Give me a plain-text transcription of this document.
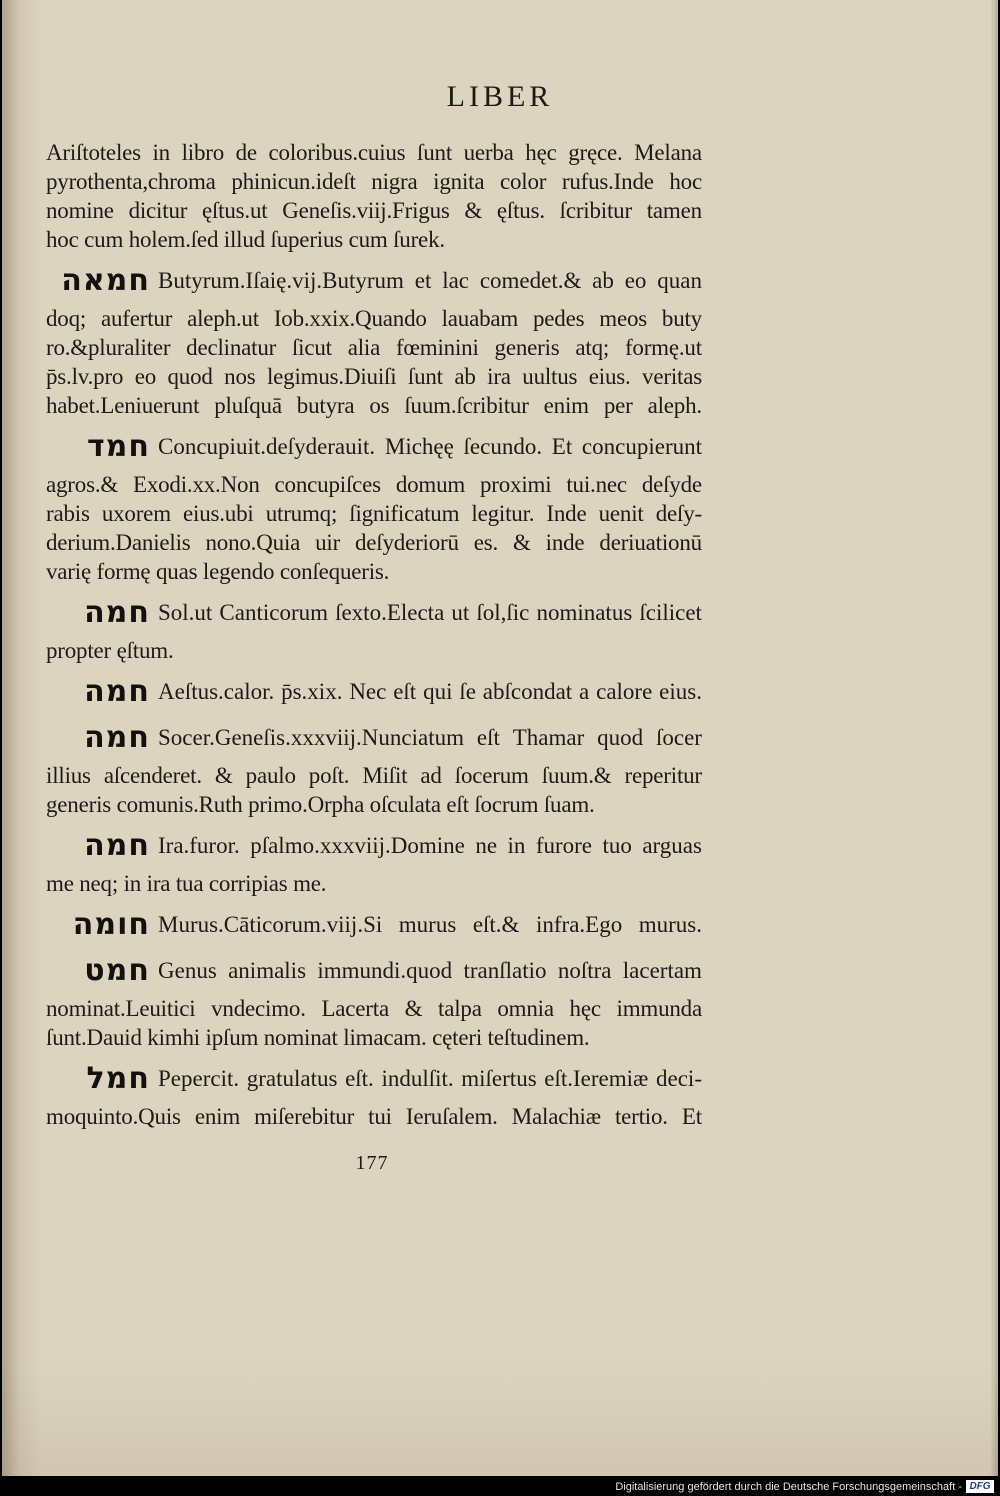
LIBER
Ariſtoteles in libro de coloribus.cuius ſunt uerba hęc gręce. Melana
pyrothenta,chroma phinicun.ideſt nigra ignita color rufus.Inde hoc
nomine dicitur ęſtus.ut Geneſis.viij.Frigus & ęſtus. ſcribitur tamen
hoc cum holem.ſed illud ſuperius cum ſurek.
חמאה Butyrum.Iſaię.vij.Butyrum et lac comedet.& ab eo quan
doq; aufertur aleph.ut Iob.xxix.Quando lauabam pedes meos buty
ro.&pluraliter declinatur ſicut alia fœminini generis atq; formę.ut
p̄s.lv.pro eo quod nos legimus.Diuiſi ſunt ab ira uultus eius. veritas
habet.Leniuerunt pluſquā butyra os ſuum.ſcribitur enim per aleph.
חמד Concupiuit.deſyderauit. Michęę ſecundo. Et concupierunt
agros.& Exodi.xx.Non concupiſces domum proximi tui.nec deſyde
rabis uxorem eius.ubi utrumq; ſignificatum legitur. Inde uenit deſy-
derium.Danielis nono.Quia uir deſyderiorū es. & inde deriuationū
varię formę quas legendo conſequeris.
חמה Sol.ut Canticorum ſexto.Electa ut ſol,ſic nominatus ſcilicet
propter ęſtum.
חמה Aeſtus.calor. p̄s.xix. Nec eſt qui ſe abſcondat a calore eius.
חמה Socer.Geneſis.xxxviij.Nunciatum eſt Thamar quod ſocer
illius aſcenderet. & paulo poſt. Miſit ad ſocerum ſuum.& reperitur
generis comunis.Ruth primo.Orpha oſculata eſt ſocrum ſuam.
חמה Ira.furor. pſalmo.xxxviij.Domine ne in furore tuo arguas
me neq; in ira tua corripias me.
חומה Murus.Cāticorum.viij.Si murus eſt.& infra.Ego murus.
חמט Genus animalis immundi.quod tranſlatio noſtra lacertam
nominat.Leuitici vndecimo. Lacerta & talpa omnia hęc immunda
ſunt.Dauid kimhi ipſum nominat limacam. cęteri teſtudinem.
חמל Pepercit. gratulatus eſt. indulſit. miſertus eſt.Ieremiæ deci-
moquinto.Quis enim miſerebitur tui Ieruſalem. Malachiæ tertio. Et
177
Digitalisierung gefördert durch die Deutsche Forschungsgemeinschaft - DFG
